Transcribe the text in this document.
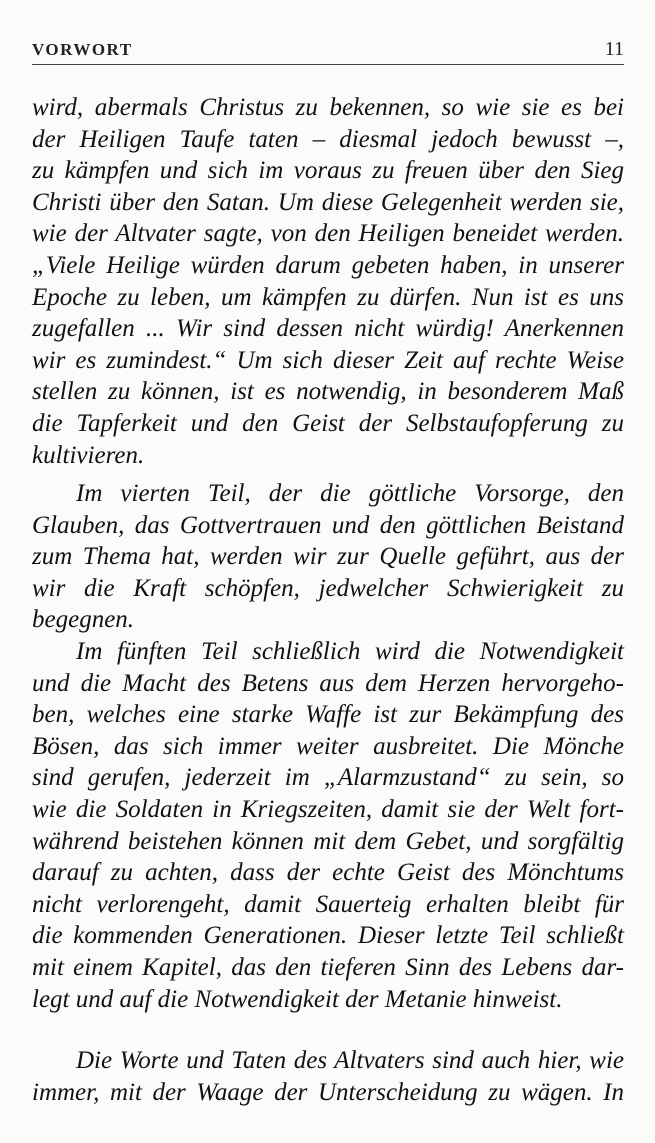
VORWORT	11
wird, abermals Christus zu bekennen, so wie sie es bei
der Heiligen Taufe taten – diesmal jedoch bewusst –,
zu kämpfen und sich im voraus zu freuen über den Sieg
Christi über den Satan. Um diese Gelegenheit werden sie,
wie der Altvater sagte, von den Heiligen beneidet werden.
„Viele Heilige würden darum gebeten haben, in unserer
Epoche zu leben, um kämpfen zu dürfen. Nun ist es uns
zugefallen ... Wir sind dessen nicht würdig! Anerkennen
wir es zumindest.“ Um sich dieser Zeit auf rechte Weise
stellen zu können, ist es notwendig, in besonderem Maß
die Tapferkeit und den Geist der Selbstaufopferung zu
kultivieren.
Im vierten Teil, der die göttliche Vorsorge, den
Glauben, das Gottvertrauen und den göttlichen Beistand
zum Thema hat, werden wir zur Quelle geführt, aus der
wir die Kraft schöpfen, jedwelcher Schwierigkeit zu
begegnen.
Im fünften Teil schließlich wird die Notwendigkeit
und die Macht des Betens aus dem Herzen hervorgeho-
ben, welches eine starke Waffe ist zur Bekämpfung des
Bösen, das sich immer weiter ausbreitet. Die Mönche
sind gerufen, jederzeit im „Alarmzustand“ zu sein, so
wie die Soldaten in Kriegszeiten, damit sie der Welt fort-
während beistehen können mit dem Gebet, und sorgfältig
darauf zu achten, dass der echte Geist des Mönchtums
nicht verlorengeht, damit Sauerteig erhalten bleibt für
die kommenden Generationen. Dieser letzte Teil schließt
mit einem Kapitel, das den tieferen Sinn des Lebens dar-
legt und auf die Notwendigkeit der Metanie hinweist.
Die Worte und Taten des Altvaters sind auch hier, wie
immer, mit der Waage der Unterscheidung zu wägen. In
